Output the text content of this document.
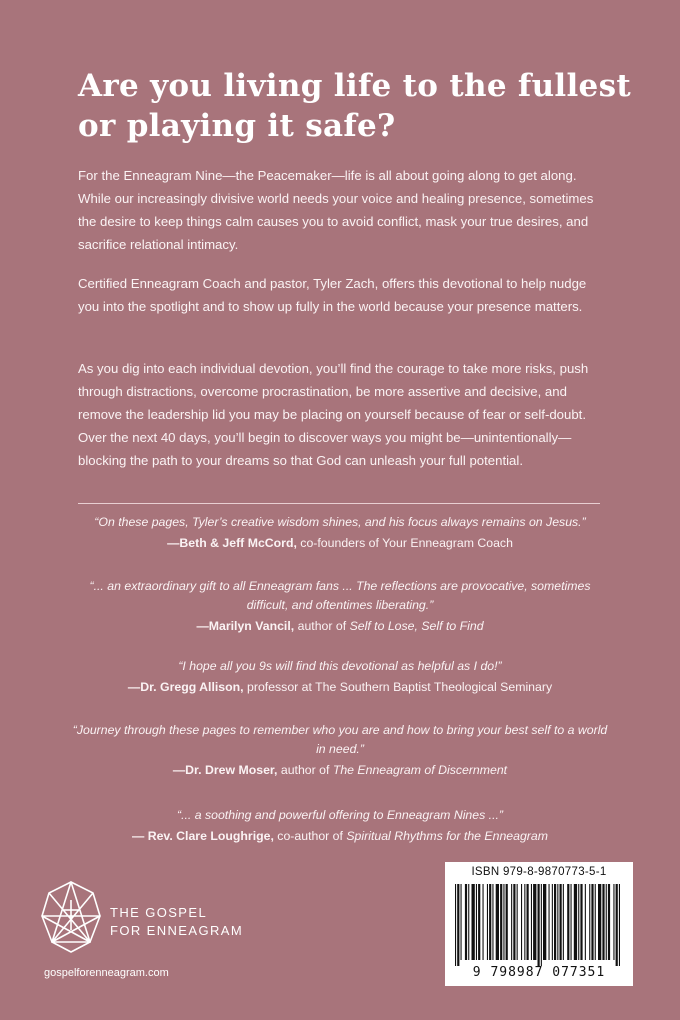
Are you living life to the fullest or playing it safe?

For the Enneagram Nine—the Peacemaker—life is all about going along to get along. While our increasingly divisive world needs your voice and healing presence, sometimes the desire to keep things calm causes you to avoid conflict, mask your true desires, and sacrifice relational intimacy.

Certified Enneagram Coach and pastor, Tyler Zach, offers this devotional to help nudge you into the spotlight and to show up fully in the world because your presence matters.

As you dig into each individual devotion, you’ll find the courage to take more risks, push through distractions, overcome procrastination, be more assertive and decisive, and remove the leadership lid you may be placing on yourself because of fear or self-doubt. Over the next 40 days, you’ll begin to discover ways you might be—unintentionally—blocking the path to your dreams so that God can unleash your full potential.

“On these pages, Tyler’s creative wisdom shines, and his focus always remains on Jesus.”
—Beth & Jeff McCord, co-founders of Your Enneagram Coach
“... an extraordinary gift to all Enneagram fans ... The reflections are provocative, sometimes difficult, and oftentimes liberating.”
—Marilyn Vancil, author of Self to Lose, Self to Find
“I hope all you 9s will find this devotional as helpful as I do!”
—Dr. Gregg Allison, professor at The Southern Baptist Theological Seminary
“Journey through these pages to remember who you are and how to bring your best self to a world in need.”
—Dr. Drew Moser, author of The Enneagram of Discernment
“... a soothing and powerful offering to Enneagram Nines ...”
— Rev. Clare Loughrige, co-author of Spiritual Rhythms for the Enneagram
THE GOSPEL
FOR ENNEAGRAM
gospelforenneagram.com
ISBN 979-8-9870773-5-1
9 798987 077351
